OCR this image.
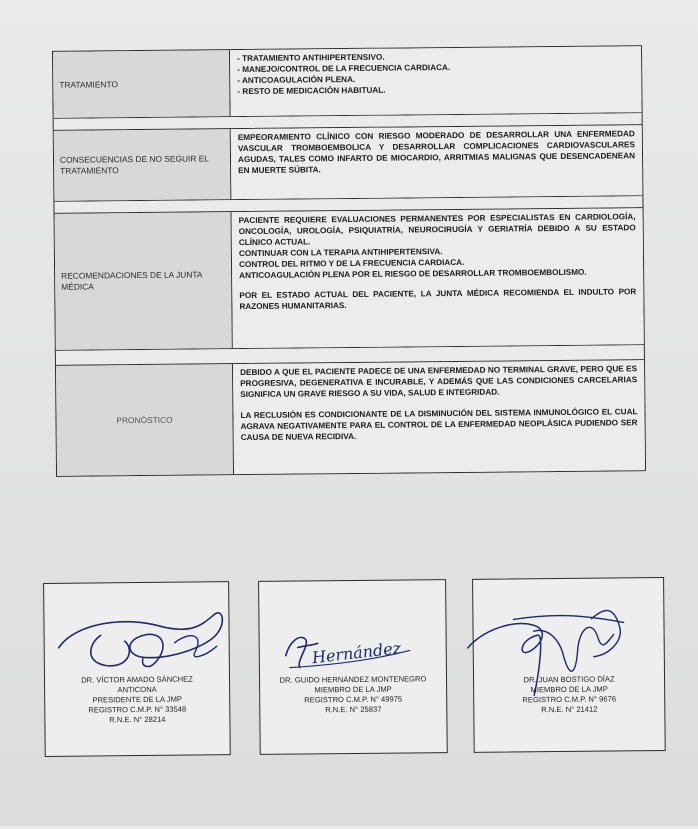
TRATAMIENTO
- TRATAMIENTO ANTIHIPERTENSIVO.
- MANEJO/CONTROL DE LA FRECUENCIA CARDIACA.
- ANTICOAGULACIÓN PLENA.
- RESTO DE MEDICACIÓN HABITUAL.
CONSECUENCIAS DE NO SEGUIR EL TRATAMIENTO

EMPEORAMIENTO CLÍNICO CON RIESGO MODERADO DE DESARROLLAR UNA ENFERMEDAD VASCULAR TROMBOEMBOLICA Y DESARROLLAR COMPLICACIONES CARDIOVASCULARES AGUDAS, TALES COMO INFARTO DE MIOCARDIO, ARRITMIAS MALIGNAS QUE DESENCADENEAN EN MUERTE SÚBITA.

RECOMENDACIONES DE LA JUNTA MÉDICA

PACIENTE REQUIERE EVALUACIONES PERMANENTES POR ESPECIALISTAS EN CARDIOLOGÍA, ONCOLOGÍA, UROLOGÍA, PSIQUIATRÍA, NEUROCIRUGÍA Y GERIATRÍA DEBIDO A SU ESTADO CLÍNICO ACTUAL.

CONTINUAR CON LA TERAPIA ANTIHIPERTENSIVA.

CONTROL DEL RITMO Y DE LA FRECUENCIA CARDIACA.

ANTICOAGULACIÓN PLENA POR EL RIESGO DE DESARROLLAR TROMBOEMBOLISMO.

POR EL ESTADO ACTUAL DEL PACIENTE, LA JUNTA MÉDICA RECOMIENDA EL INDULTO POR RAZONES HUMANITARIAS.

PRONÓSTICO

DEBIDO A QUE EL PACIENTE PADECE DE UNA ENFERMEDAD NO TERMINAL GRAVE, PERO QUE ES PROGRESIVA, DEGENERATIVA E INCURABLE, Y ADEMÁS QUE LAS CONDICIONES CARCELARIAS SIGNIFICA UN GRAVE RIESGO A SU VIDA, SALUD E INTEGRIDAD.

LA RECLUSIÓN ES CONDICIONANTE DE LA DISMINUCIÓN DEL SISTEMA INMUNOLÓGICO EL CUAL AGRAVA NEGATIVAMENTE PARA EL CONTROL DE LA ENFERMEDAD NEOPLÁSICA PUDIENDO SER CAUSA DE NUEVA RECIDIVA.

DR. VÍCTOR AMADO SÁNCHEZ
ANTICONA
PRESIDENTE DE LA JMP
REGISTRO C.M.P. N° 33548
R.N.E. N° 28214
Hernández
DR. GUIDO HERNÁNDEZ MONTENEGRO
MIEMBRO DE LA JMP
REGISTRO C.M.P. N° 49975
R.N.E. N° 25837
DR. JUAN BOSTIGO DÍAZ
MIEMBRO DE LA JMP
REGISTRO C.M.P. N° 9676
R.N.E. N° 21412
